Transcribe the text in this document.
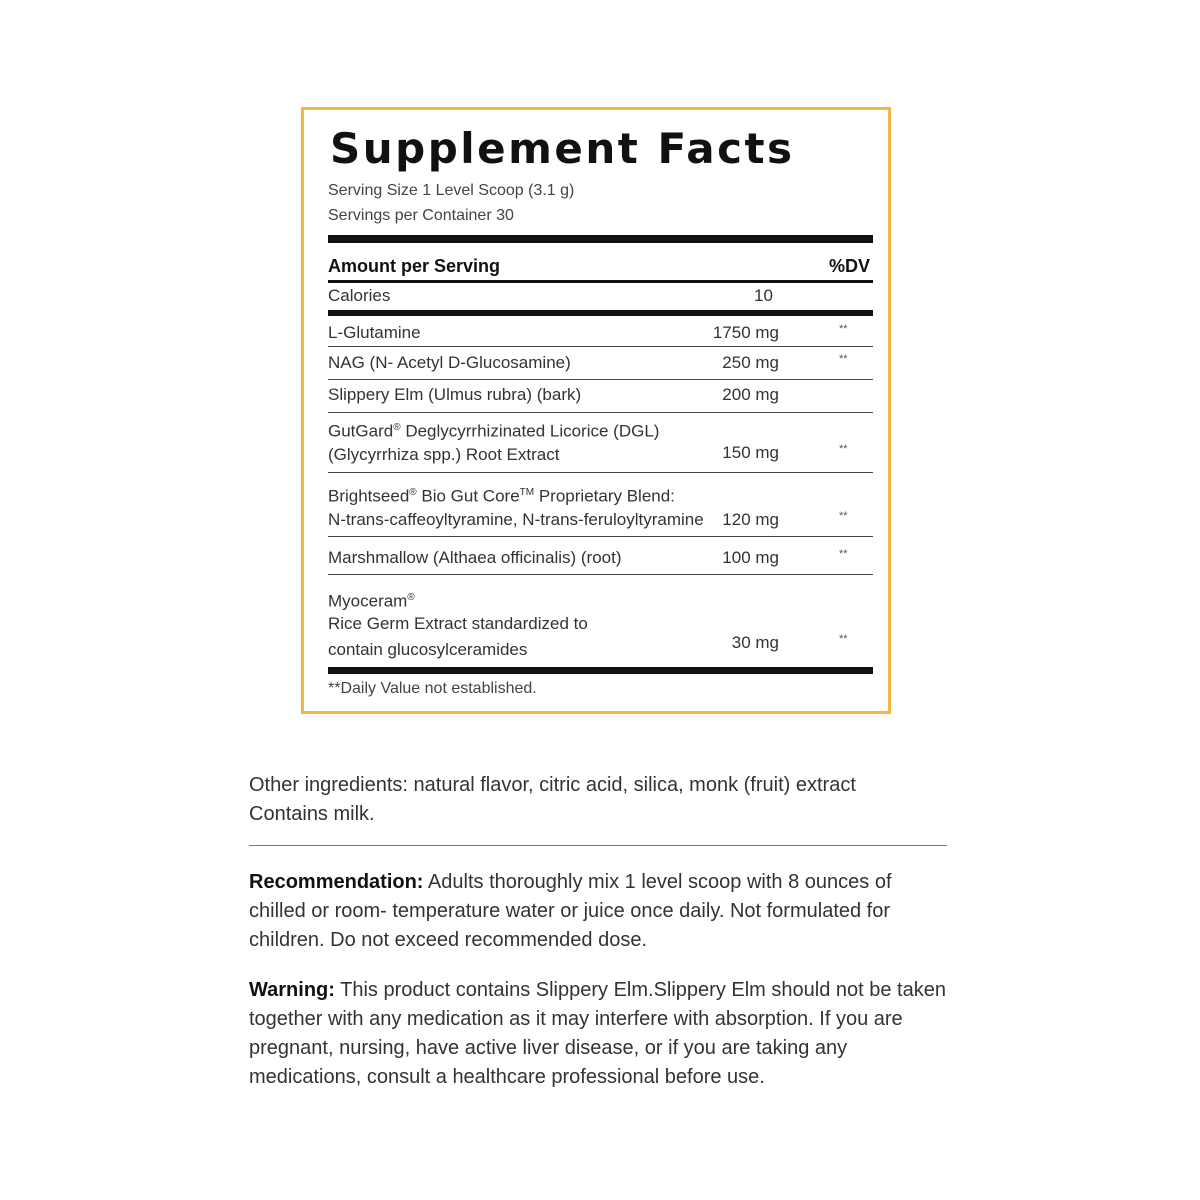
Supplement Facts
Serving Size 1 Level Scoop (3.1 g)
Servings per Container 30
Amount per Serving	%DV
Calories	10
L-Glutamine	1750 mg	**
NAG (N- Acetyl D-Glucosamine)	250 mg	**
Slippery Elm (Ulmus rubra) (bark)	200 mg
GutGard® Deglycyrrhizinated Licorice (DGL)
(Glycyrrhiza spp.) Root Extract	150 mg	**
Brightseed® Bio Gut Core™ Proprietary Blend:
N-trans-caffeoyltyramine, N-trans-feruloyltyramine	120 mg	**
Marshmallow (Althaea officinalis) (root)	100 mg	**
Myoceram®
Rice Germ Extract standardized to
contain glucosylceramides	30 mg	**
**Daily Value not established.
Other ingredients: natural flavor, citric acid, silica, monk (fruit) extract
Contains milk.
Recommendation: Adults thoroughly mix 1 level scoop with 8 ounces of chilled or room- temperature water or juice once daily. Not formulated for children. Do not exceed recommended dose.
Warning: This product contains Slippery Elm.Slippery Elm should not be taken together with any medication as it may interfere with absorption. If you are pregnant, nursing, have active liver disease, or if you are taking any medications, consult a healthcare professional before use.
